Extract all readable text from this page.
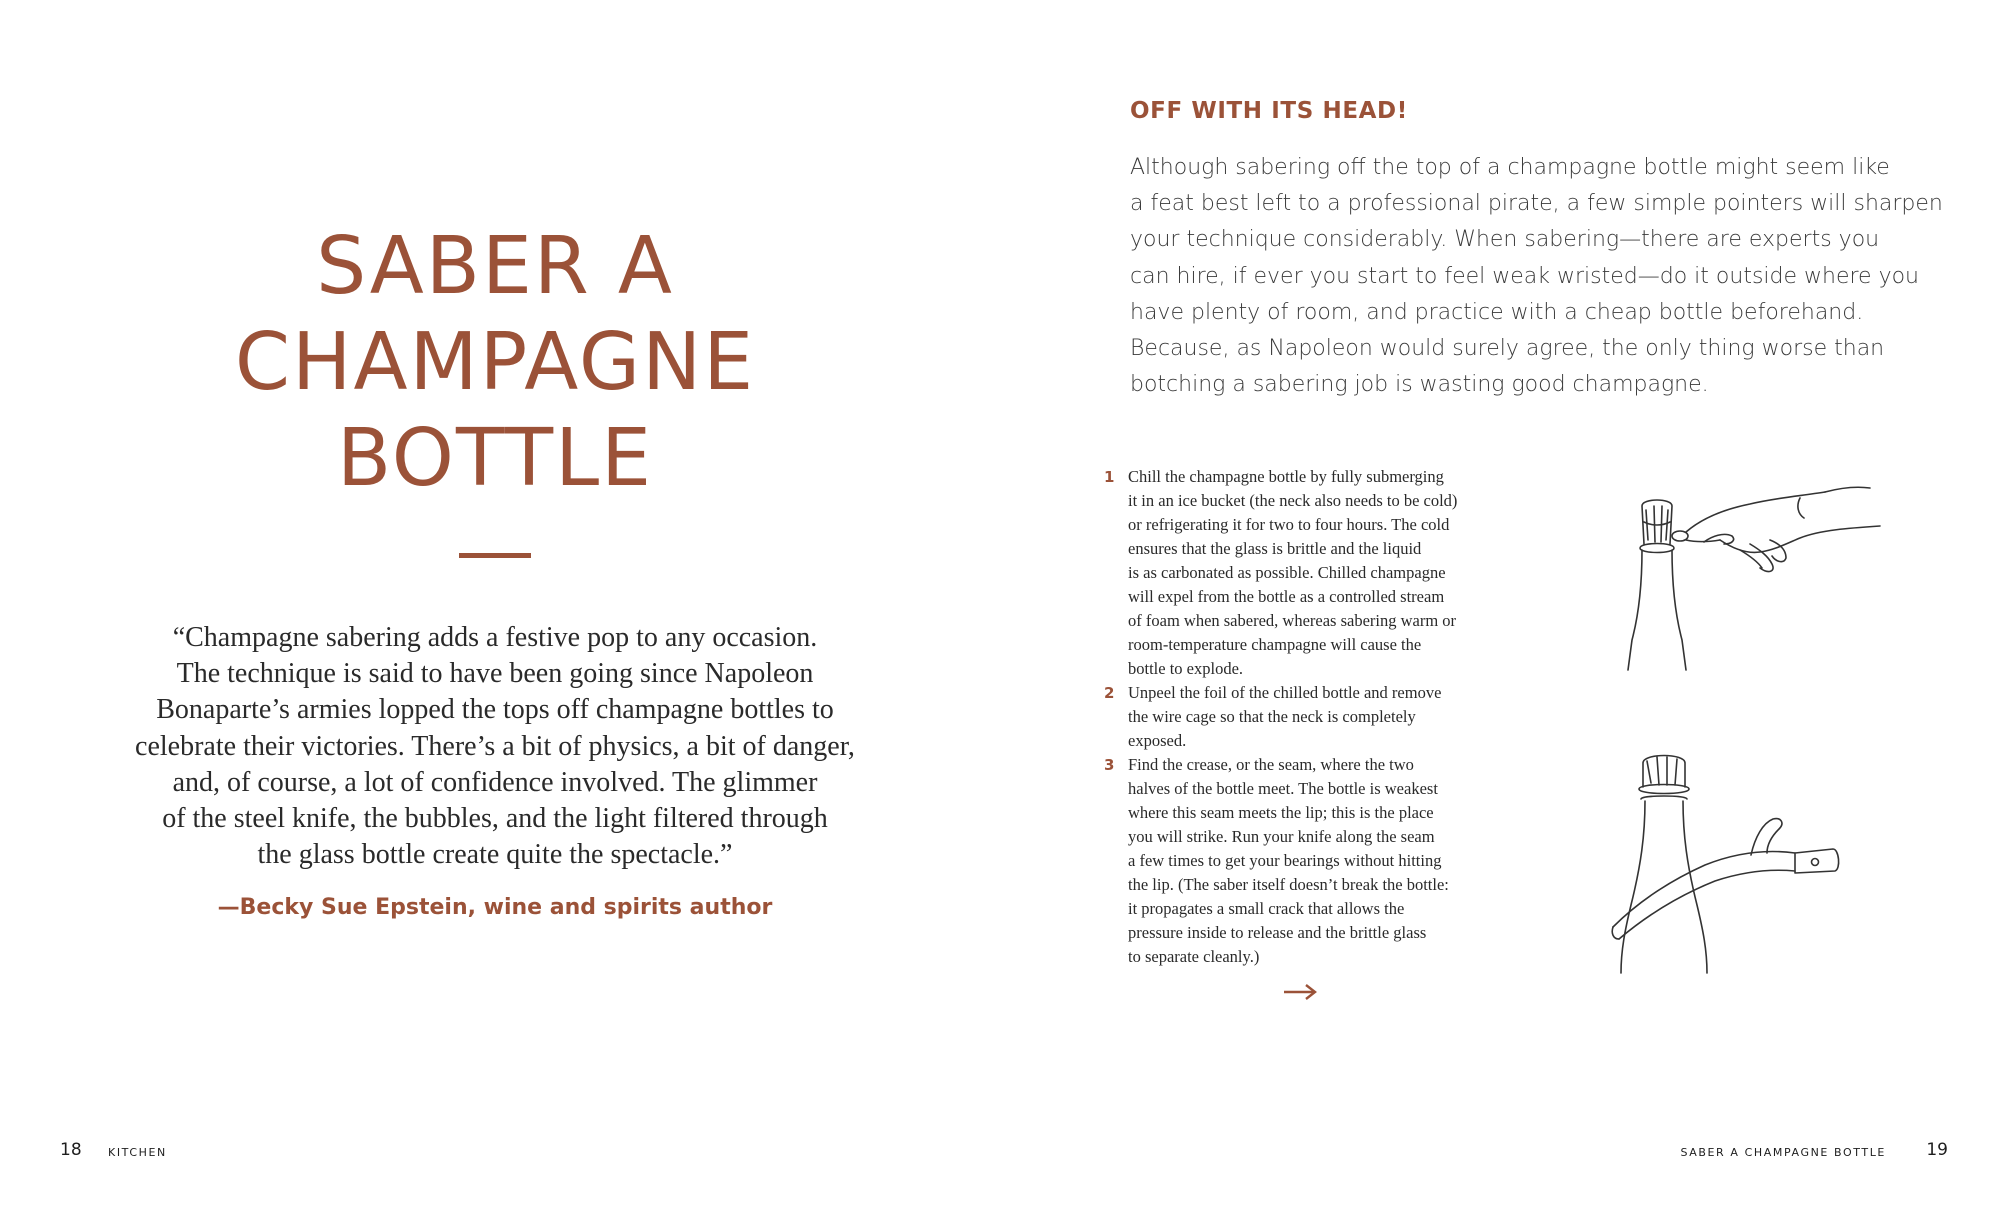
SABER A
CHAMPAGNE
BOTTLE
“Champagne sabering adds a festive pop to any occasion.
The technique is said to have been going since Napoleon
Bonaparte’s armies lopped the tops off champagne bottles to
celebrate their victories. There’s a bit of physics, a bit of danger,
and, of course, a lot of confidence involved. The glimmer
of the steel knife, the bubbles, and the light filtered through
the glass bottle create quite the spectacle.”
—Becky Sue Epstein, wine and spirits author
OFF WITH ITS HEAD!
Although sabering off the top of a champagne bottle might seem like
a feat best left to a professional pirate, a few simple pointers will sharpen
your technique considerably. When sabering—there are experts you
can hire, if ever you start to feel weak wristed—do it outside where you
have plenty of room, and practice with a cheap bottle beforehand.
Because, as Napoleon would surely agree, the only thing worse than
botching a sabering job is wasting good champagne.
1 Chill the champagne bottle by fully submerging
it in an ice bucket (the neck also needs to be cold)
or refrigerating it for two to four hours. The cold
ensures that the glass is brittle and the liquid
is as carbonated as possible. Chilled champagne
will expel from the bottle as a controlled stream
of foam when sabered, whereas sabering warm or
room-temperature champagne will cause the
bottle to explode.
2 Unpeel the foil of the chilled bottle and remove
the wire cage so that the neck is completely
exposed.
3 Find the crease, or the seam, where the two
halves of the bottle meet. The bottle is weakest
where this seam meets the lip; this is the place
you will strike. Run your knife along the seam
a few times to get your bearings without hitting
the lip. (The saber itself doesn’t break the bottle:
it propagates a small crack that allows the
pressure inside to release and the brittle glass
to separate cleanly.)
18 KITCHEN	SABER A CHAMPAGNE BOTTLE 19
